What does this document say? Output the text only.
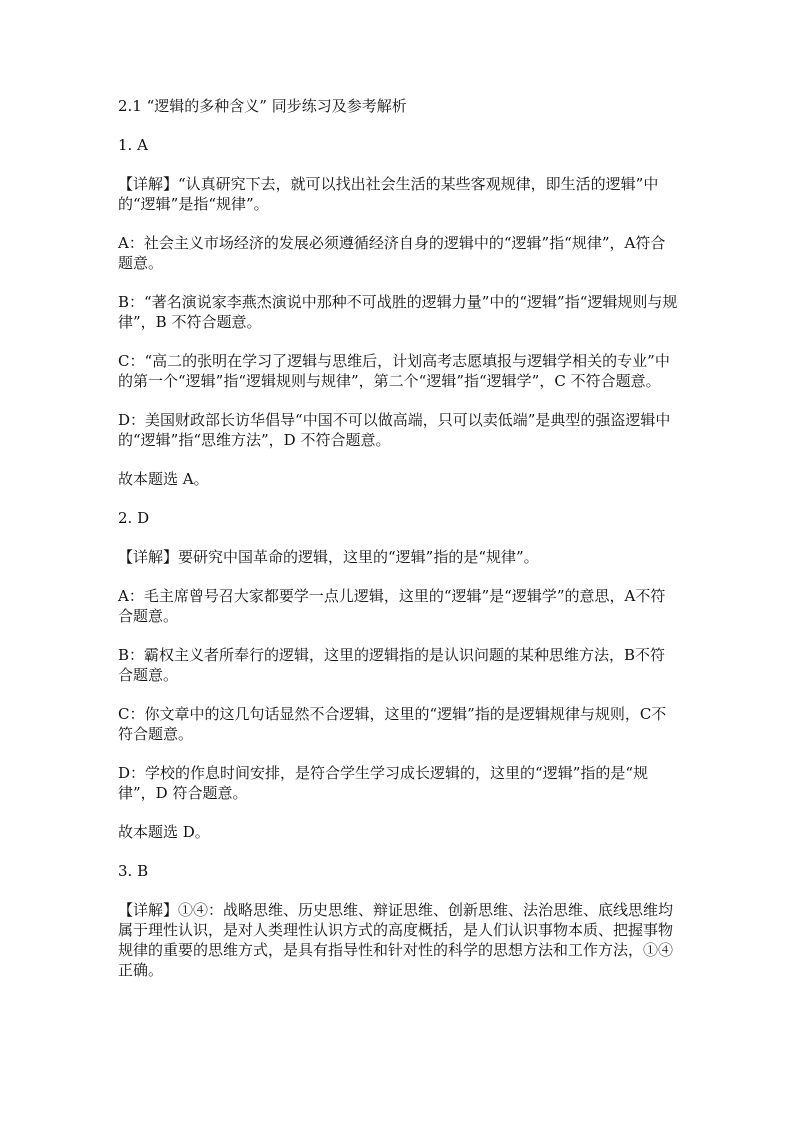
2.1 “逻辑的多种含义” 同步练习及参考解析

1. A

【详解】“认真研究下去，就可以找出社会生活的某些客观规律，即生活的逻辑”中的“逻辑”是指“规律”。

A：社会主义市场经济的发展必须遵循经济自身的逻辑中的“逻辑”指“规律”，A符合题意。

B：“著名演说家李燕杰演说中那种不可战胜的逻辑力量”中的“逻辑”指“逻辑规则与规律”，B 不符合题意。

C：“高二的张明在学习了逻辑与思维后，计划高考志愿填报与逻辑学相关的专业”中的第一个“逻辑”指“逻辑规则与规律”，第二个“逻辑”指“逻辑学”，C 不符合题意。

D：美国财政部长访华倡导“中国不可以做高端，只可以卖低端”是典型的强盗逻辑中的“逻辑”指“思维方法”，D 不符合题意。

故本题选 A。

2. D

【详解】要研究中国革命的逻辑，这里的“逻辑”指的是“规律”。

A：毛主席曾号召大家都要学一点儿逻辑，这里的“逻辑”是“逻辑学”的意思，A不符合题意。

B：霸权主义者所奉行的逻辑，这里的逻辑指的是认识问题的某种思维方法，B不符合题意。

C：你文章中的这几句话显然不合逻辑，这里的“逻辑”指的是逻辑规律与规则，C不符合题意。

D：学校的作息时间安排，是符合学生学习成长逻辑的，这里的“逻辑”指的是“规律”，D 符合题意。

故本题选 D。

3. B

【详解】①④：战略思维、历史思维、辩证思维、创新思维、法治思维、底线思维均属于理性认识，是对人类理性认识方式的高度概括，是人们认识事物本质、把握事物规律的重要的思维方式，是具有指导性和针对性的科学的思想方法和工作方法，①④正确。
